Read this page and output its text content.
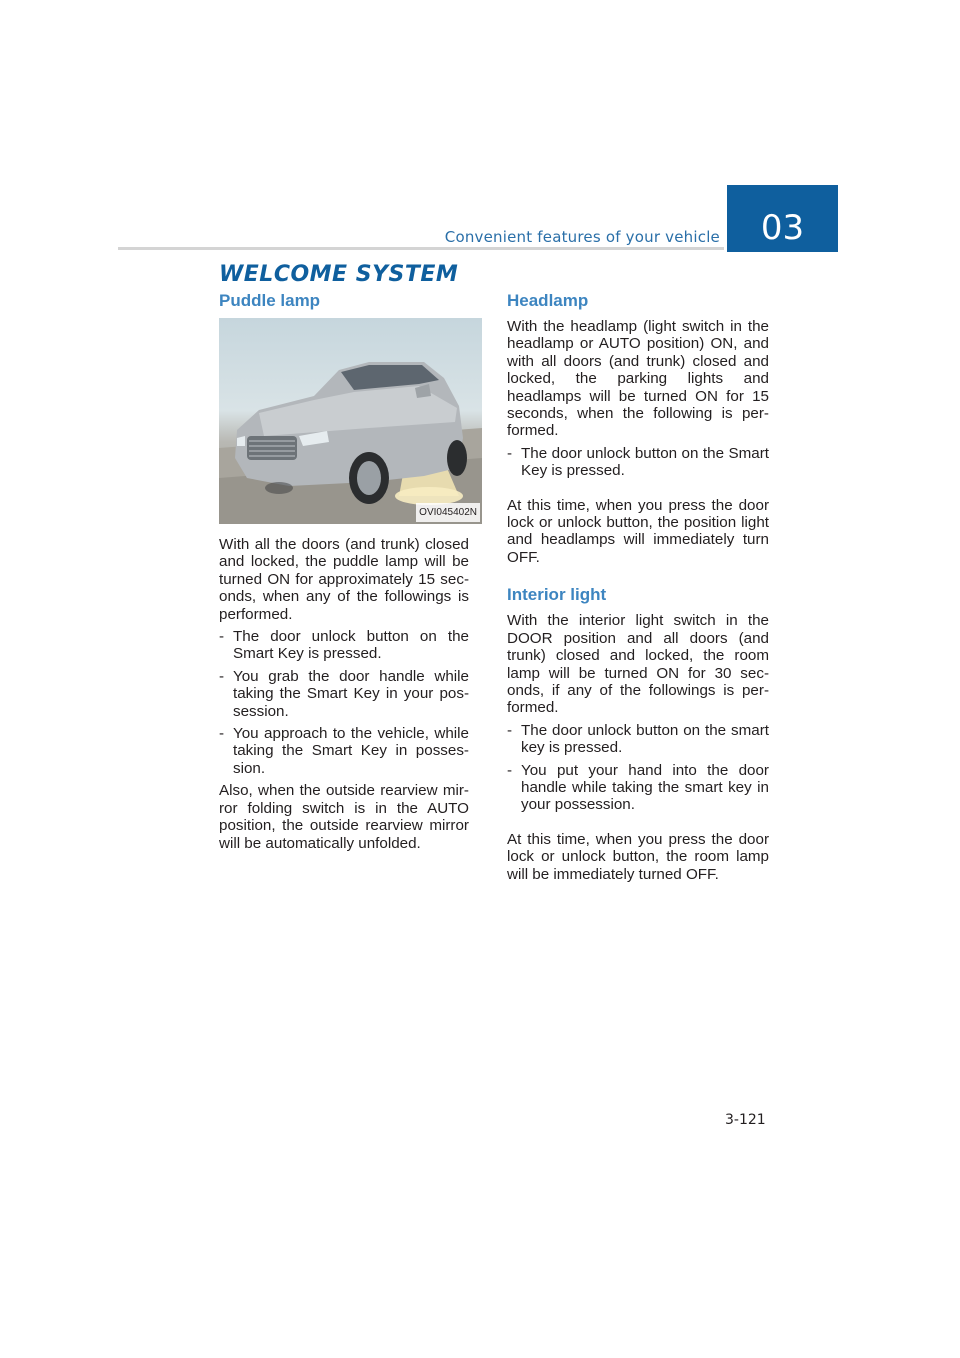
Convenient features of your vehicle 03
WELCOME SYSTEM
Puddle lamp
OVI045402N

With all the doors (and trunk) closed and locked, the puddle lamp will be turned ON for approximately 15 sec- onds, when any of the followings is performed.

- The door unlock button on the Smart Key is pressed.
- You grab the door handle while taking the Smart Key in your pos- session.
- You approach to the vehicle, while taking the Smart Key in posses- sion.

Also, when the outside rearview mir- ror folding switch is in the AUTO position, the outside rearview mirror will be automatically unfolded.

Headlamp

With the headlamp (light switch in the headlamp or AUTO position) ON, and with all doors (and trunk) closed and locked, the parking lights and headlamps will be turned ON for 15 seconds, when the following is per- formed.

- The door unlock button on the Smart Key is pressed.

At this time, when you press the door lock or unlock button, the position light and headlamps will immediately turn OFF.

Interior light

With the interior light switch in the DOOR position and all doors (and trunk) closed and locked, the room lamp will be turned ON for 30 sec- onds, if any of the followings is per- formed.

- The door unlock button on the smart key is pressed.
- You put your hand into the door handle while taking the smart key in your possession.

At this time, when you press the door lock or unlock button, the room lamp will be immediately turned OFF.

3-121
